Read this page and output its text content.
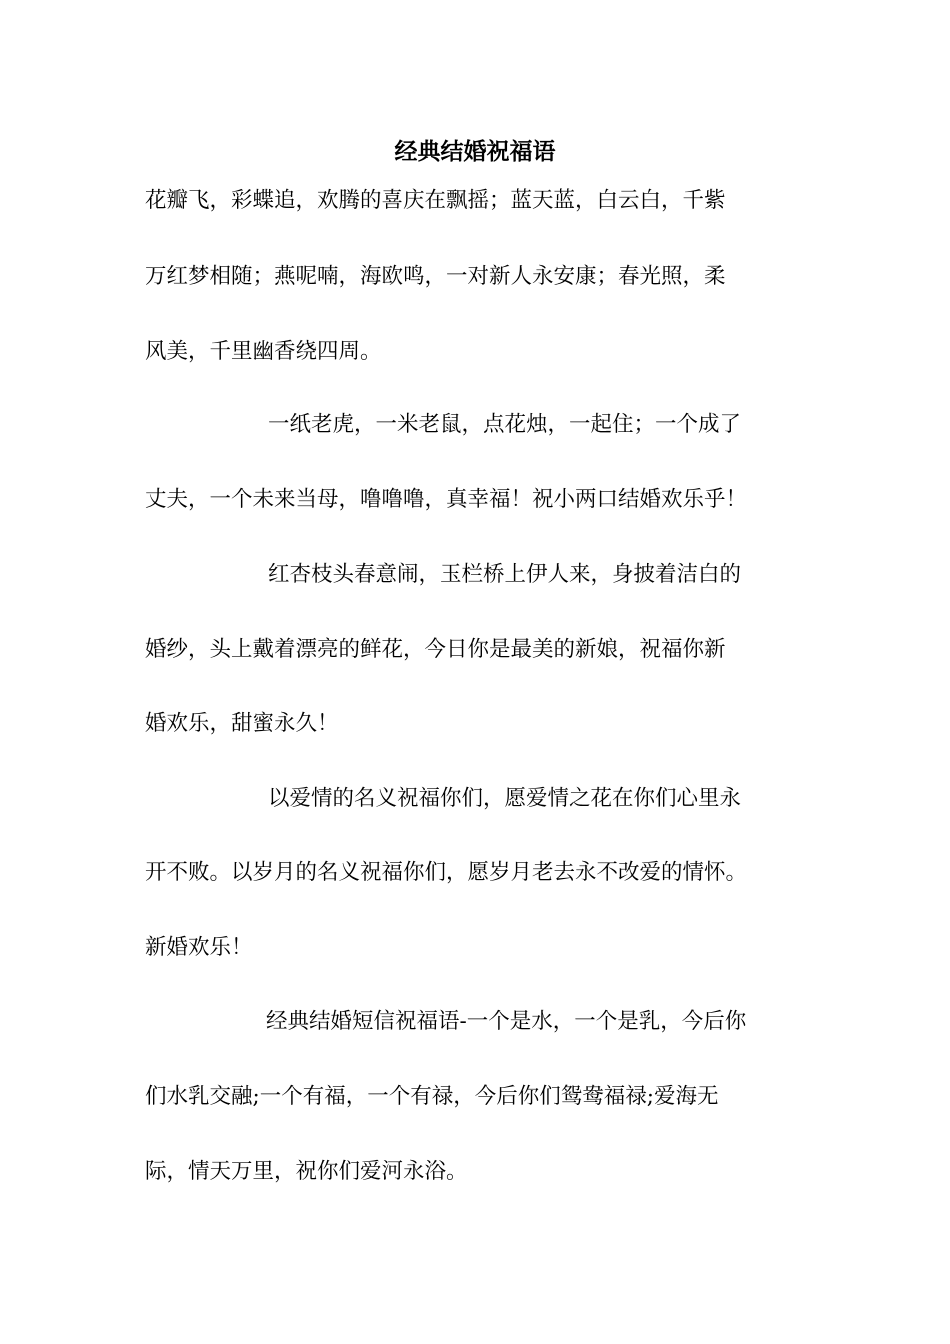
经典结婚祝福语
花瓣飞，彩蝶追，欢腾的喜庆在飘摇；蓝天蓝，白云白，千紫
万红梦相随；燕呢喃，海欧鸣，一对新人永安康；春光照，柔
风美，千里幽香绕四周。
一纸老虎，一米老鼠，点花烛，一起住；一个成了
丈夫，一个未来当母，噜噜噜，真幸福！祝小两口结婚欢乐乎！
红杏枝头春意闹，玉栏桥上伊人来，身披着洁白的
婚纱，头上戴着漂亮的鲜花，今日你是最美的新娘，祝福你新
婚欢乐，甜蜜永久！
以爱情的名义祝福你们，愿爱情之花在你们心里永
开不败。以岁月的名义祝福你们，愿岁月老去永不改爱的情怀。
新婚欢乐！
经典结婚短信祝福语-一个是水，一个是乳，今后你
们水乳交融;一个有福，一个有禄，今后你们鸳鸯福禄;爱海无
际，情天万里，祝你们爱河永浴。
